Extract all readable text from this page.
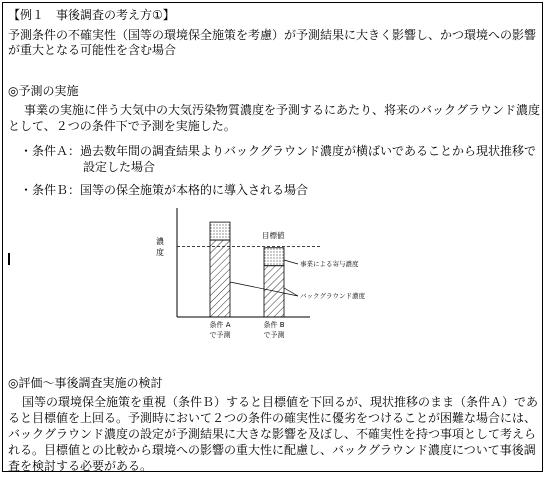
【例１　事後調査の考え方①】
予測条件の不確実性（国等の環境保全施策を考慮）が予測結果に大きく影響し、かつ環境への影響
が重大となる可能性を含む場合
◎予測の実施
事業の実施に伴う大気中の大気汚染物質濃度を予測するにあたり、将来のバックグラウンド濃度
として、２つの条件下で予測を実施した。
・条件Ａ：過去数年間の調査結果よりバックグラウンド濃度が横ばいであることから現状推移で
設定した場合
・条件Ｂ：国等の保全施策が本格的に導入される場合
濃
度
条件 A
で予測
条件 B
で予測
目標値
事業による寄与濃度
バックグラウンド濃度
◎評価～事後調査実施の検討
国等の環境保全施策を重視（条件Ｂ）すると目標値を下回るが、現状推移のまま（条件Ａ）であ
ると目標値を上回る。予測時において２つの条件の確実性に優劣をつけることが困難な場合には、
バックグラウンド濃度の設定が予測結果に大きな影響を及ぼし、不確実性を持つ事項として考えら
れる。目標値との比較から環境への影響の重大性に配慮し、バックグラウンド濃度について事後調
査を検討する必要がある。
